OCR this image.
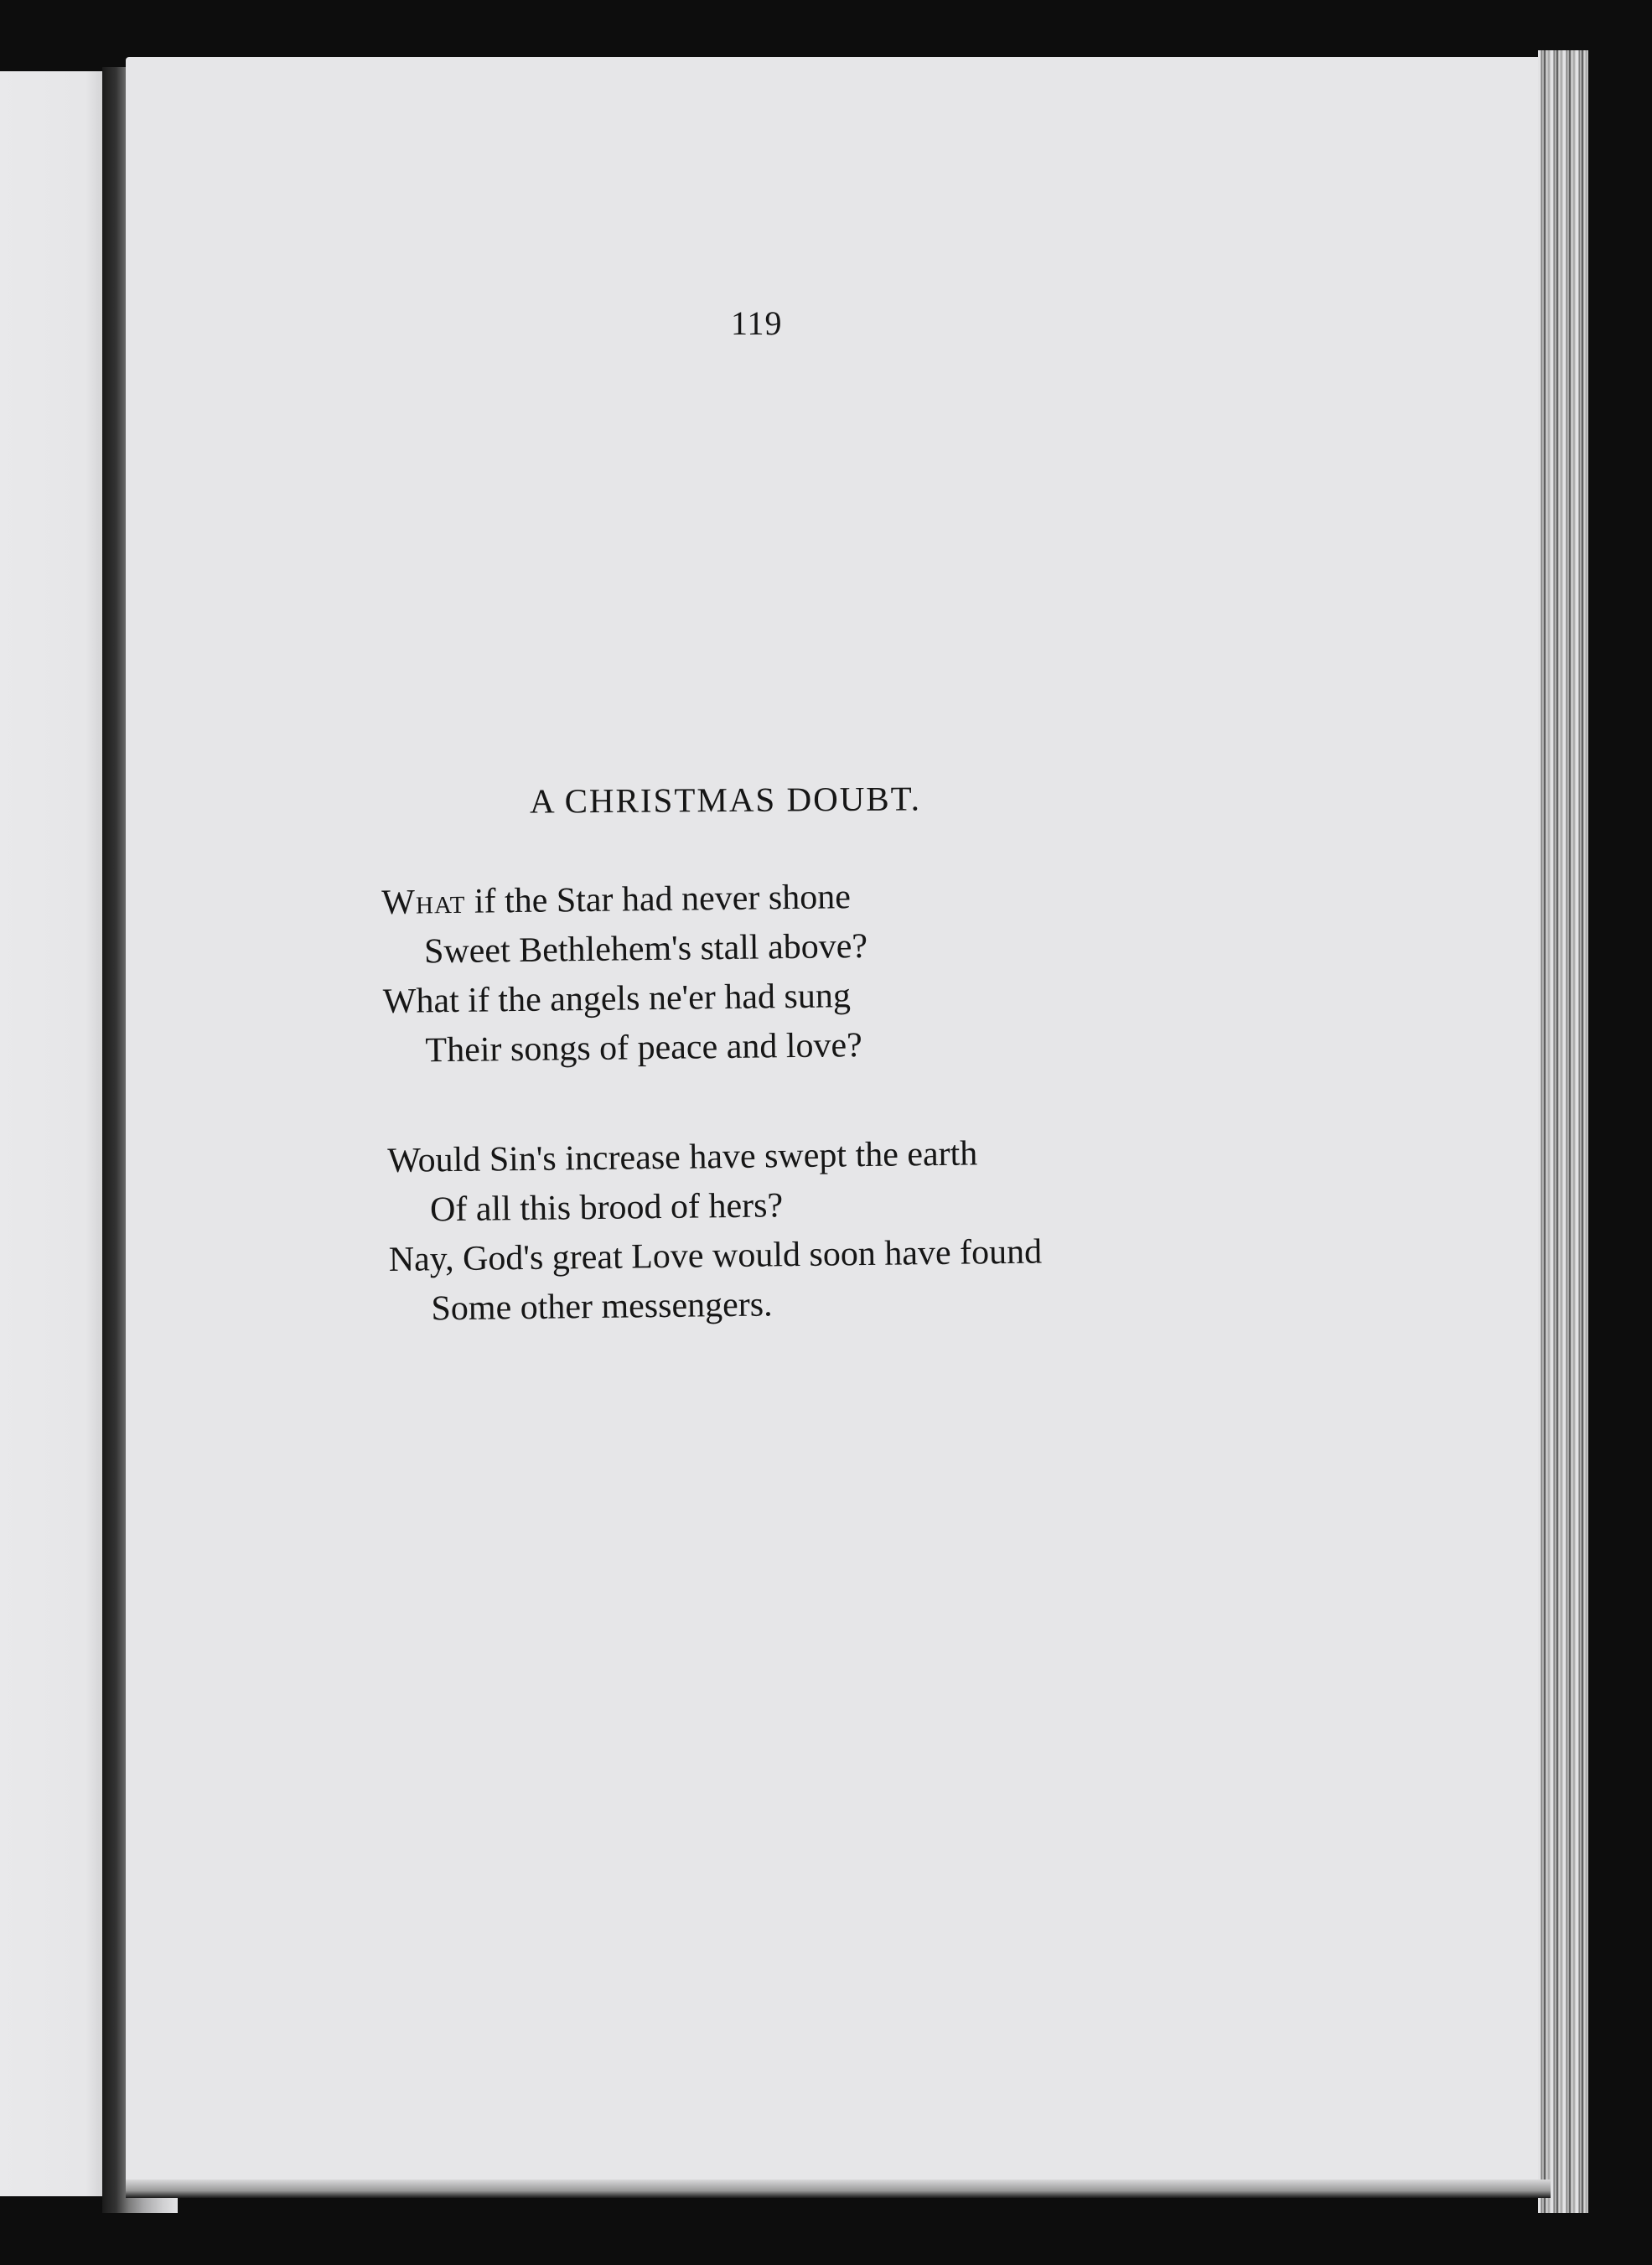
119
A CHRISTMAS DOUBT.
What if the Star had never shone
Sweet Bethlehem's stall above?
What if the angels ne'er had sung
Their songs of peace and love?
Would Sin's increase have swept the earth
Of all this brood of hers?
Nay, God's great Love would soon have found
Some other messengers.
